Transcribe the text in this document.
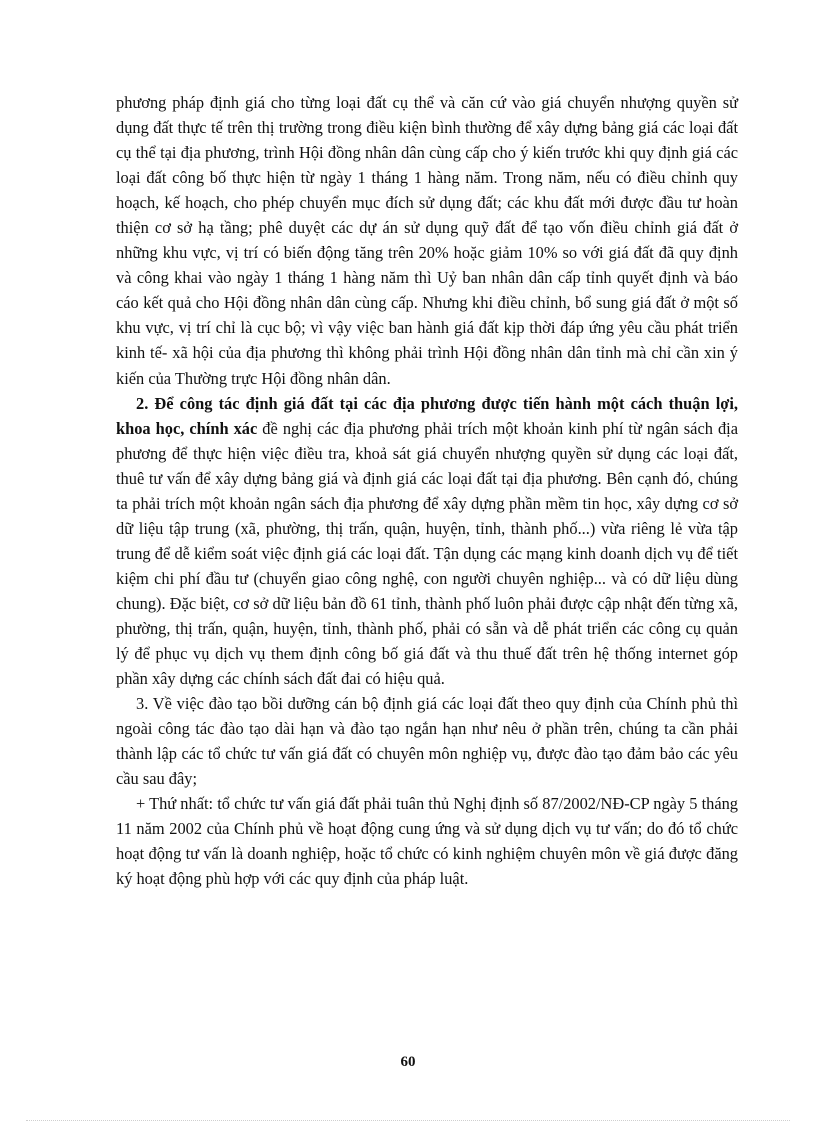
phương pháp định giá cho từng loại đất cụ thể và căn cứ vào giá chuyển nhượng quyền sử dụng đất thực tế trên thị trường trong điều kiện bình thường để xây dựng bảng giá các loại đất cụ thể tại địa phương, trình Hội đồng nhân dân cùng cấp cho ý kiến trước khi quy định giá các loại đất công bố thực hiện từ ngày 1 tháng 1 hàng năm. Trong năm, nếu có điều chỉnh quy hoạch, kế hoạch, cho phép chuyển mục đích sử dụng đất; các khu đất mới được đầu tư hoàn thiện cơ sở hạ tầng; phê duyệt các dự án sử dụng quỹ đất để tạo vốn điều chỉnh giá đất ở những khu vực, vị trí có biến động tăng trên 20% hoặc giảm 10% so với giá đất đã quy định và công khai vào ngày 1 tháng 1 hàng năm thì Uỷ ban nhân dân cấp tỉnh quyết định và báo cáo kết quả cho Hội đồng nhân dân cùng cấp. Nhưng khi điều chỉnh, bổ sung giá đất ở một số khu vực, vị trí chỉ là cục bộ; vì vậy việc ban hành giá đất kịp thời đáp ứng yêu cầu phát triển kinh tế- xã hội của địa phương thì không phải trình Hội đồng nhân dân tỉnh mà chỉ cần xin ý kiến của Thường trực Hội đồng nhân dân.

2. Để công tác định giá đất tại các địa phương được tiến hành một cách thuận lợi, khoa học, chính xác đề nghị các địa phương phải trích một khoản kinh phí từ ngân sách địa phương để thực hiện việc điều tra, khoả sát giá chuyển nhượng quyền sử dụng các loại đất, thuê tư vấn để xây dựng bảng giá và định giá các loại đất tại địa phương. Bên cạnh đó, chúng ta phải trích một khoản ngân sách địa phương để xây dựng phần mềm tin học, xây dựng cơ sở dữ liệu tập trung (xã, phường, thị trấn, quận, huyện, tỉnh, thành phố...) vừa riêng lẻ vừa tập trung để dễ kiểm soát việc định giá các loại đất. Tận dụng các mạng kinh doanh dịch vụ để tiết kiệm chi phí đầu tư (chuyển giao công nghệ, con người chuyên nghiệp... và có dữ liệu dùng chung). Đặc biệt, cơ sở dữ liệu bản đồ 61 tỉnh, thành phố luôn phải được cập nhật đến từng xã, phường, thị trấn, quận, huyện, tỉnh, thành phố, phải có sẵn và dễ phát triển các công cụ quản lý để phục vụ dịch vụ them định công bố giá đất và thu thuế đất trên hệ thống internet góp phần xây dựng các chính sách đất đai có hiệu quả.

3. Về việc đào tạo bồi dưỡng cán bộ định giá các loại đất theo quy định của Chính phủ thì ngoài công tác đào tạo dài hạn và đào tạo ngắn hạn như nêu ở phần trên, chúng ta cần phải thành lập các tổ chức tư vấn giá đất có chuyên môn nghiệp vụ, được đào tạo đảm bảo các yêu cầu sau đây;

+ Thứ nhất: tổ chức tư vấn giá đất phải tuân thủ Nghị định số 87/2002/NĐ-CP ngày 5 tháng 11 năm 2002 của Chính phủ về hoạt động cung ứng và sử dụng dịch vụ tư vấn; do đó tổ chức hoạt động tư vấn là doanh nghiệp, hoặc tổ chức có kinh nghiệm chuyên môn về giá được đăng ký hoạt động phù hợp với các quy định của pháp luật.

60
